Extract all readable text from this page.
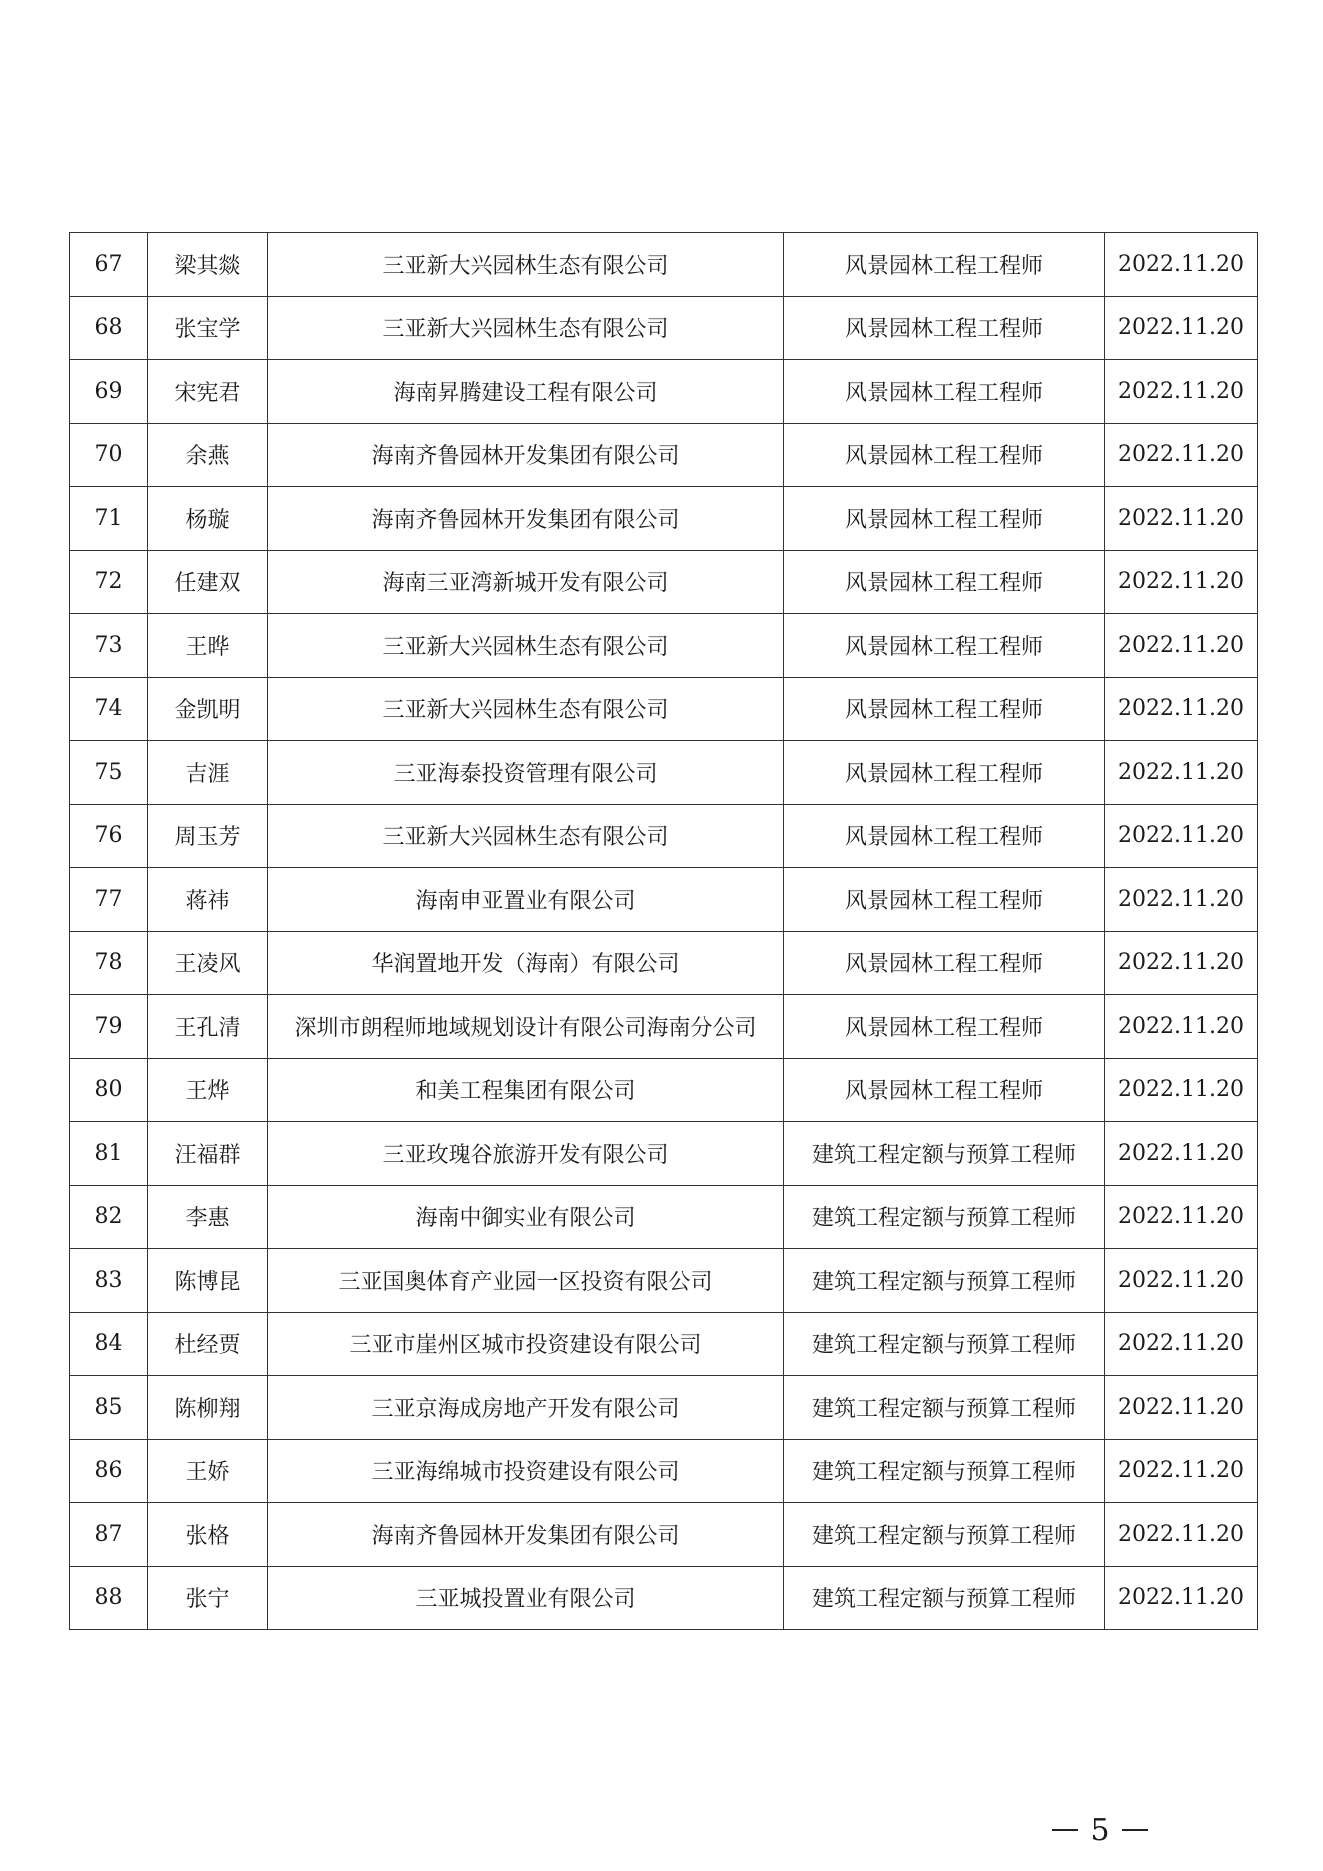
67	梁其燚	三亚新大兴园林生态有限公司	风景园林工程工程师	2022.11.20
68	张宝学	三亚新大兴园林生态有限公司	风景园林工程工程师	2022.11.20
69	宋宪君	海南昇腾建设工程有限公司	风景园林工程工程师	2022.11.20
70	余燕	海南齐鲁园林开发集团有限公司	风景园林工程工程师	2022.11.20
71	杨璇	海南齐鲁园林开发集团有限公司	风景园林工程工程师	2022.11.20
72	任建双	海南三亚湾新城开发有限公司	风景园林工程工程师	2022.11.20
73	王晔	三亚新大兴园林生态有限公司	风景园林工程工程师	2022.11.20
74	金凯明	三亚新大兴园林生态有限公司	风景园林工程工程师	2022.11.20
75	吉涯	三亚海泰投资管理有限公司	风景园林工程工程师	2022.11.20
76	周玉芳	三亚新大兴园林生态有限公司	风景园林工程工程师	2022.11.20
77	蒋祎	海南申亚置业有限公司	风景园林工程工程师	2022.11.20
78	王凌风	华润置地开发（海南）有限公司	风景园林工程工程师	2022.11.20
79	王孔清	深圳市朗程师地域规划设计有限公司海南分公司	风景园林工程工程师	2022.11.20
80	王烨	和美工程集团有限公司	风景园林工程工程师	2022.11.20
81	汪福群	三亚玫瑰谷旅游开发有限公司	建筑工程定额与预算工程师	2022.11.20
82	李惠	海南中御实业有限公司	建筑工程定额与预算工程师	2022.11.20
83	陈博昆	三亚国奥体育产业园一区投资有限公司	建筑工程定额与预算工程师	2022.11.20
84	杜经贾	三亚市崖州区城市投资建设有限公司	建筑工程定额与预算工程师	2022.11.20
85	陈柳翔	三亚京海成房地产开发有限公司	建筑工程定额与预算工程师	2022.11.20
86	王娇	三亚海绵城市投资建设有限公司	建筑工程定额与预算工程师	2022.11.20
87	张格	海南齐鲁园林开发集团有限公司	建筑工程定额与预算工程师	2022.11.20
88	张宁	三亚城投置业有限公司	建筑工程定额与预算工程师	2022.11.20
5
